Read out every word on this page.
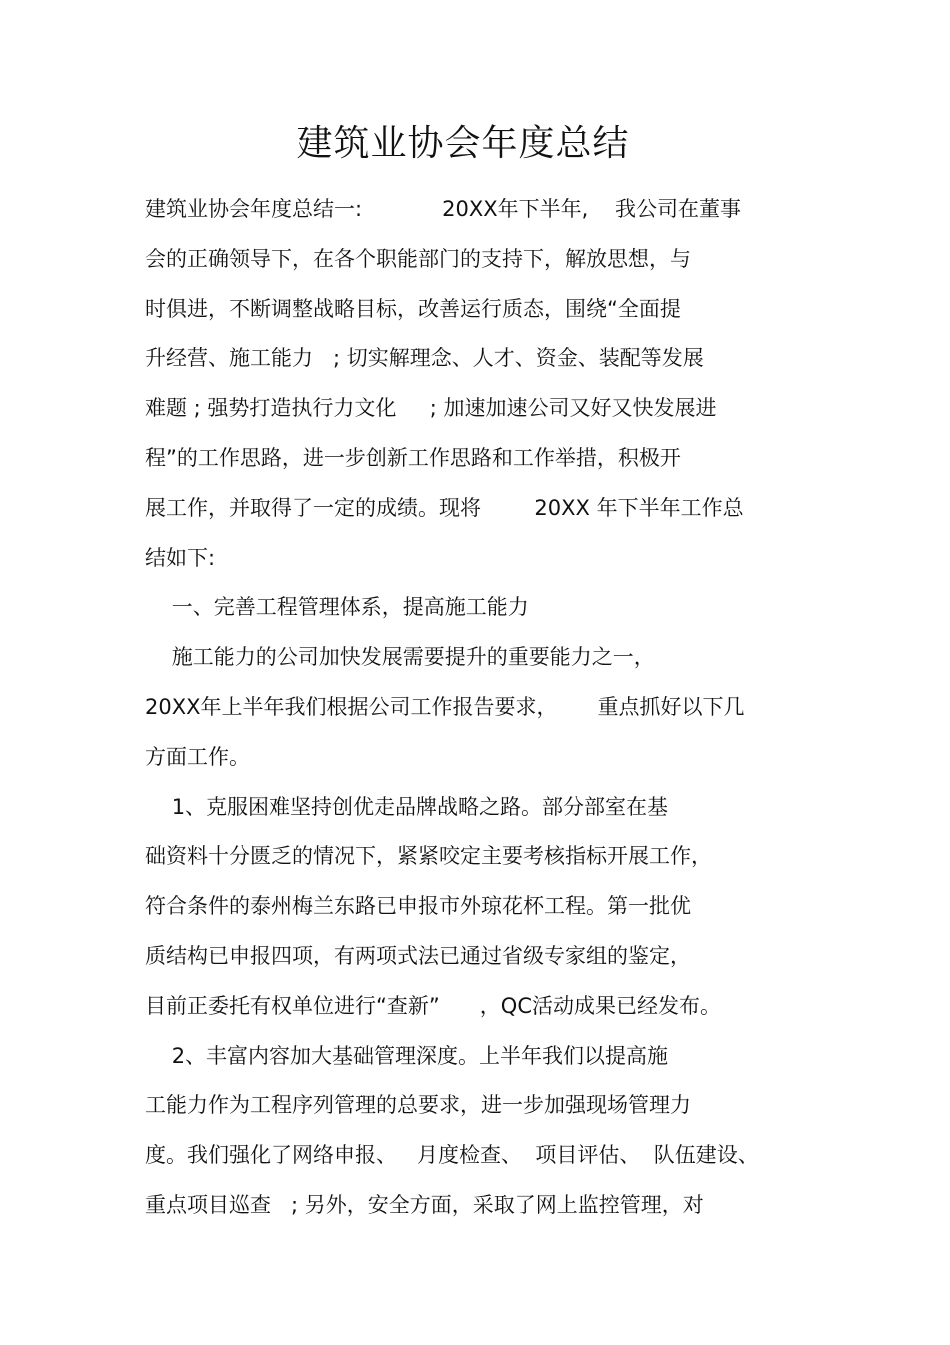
建筑业协会年度总结
建筑业协会年度总结一:            20XX年下半年,    我公司在董事
会的正确领导下，在各个职能部门的支持下，解放思想，与
时俱进，不断调整战略目标，改善运行质态，围绕“全面提
升经营、施工能力   ; 切实解理念、人才、资金、装配等发展
难题 ; 强势打造执行力文化     ; 加速加速公司又好又快发展进
程”的工作思路，进一步创新工作思路和工作举措，积极开
展工作，并取得了一定的成绩。现将        20XX 年下半年工作总
结如下:
一、完善工程管理体系，提高施工能力
施工能力的公司加快发展需要提升的重要能力之一，
20XX年上半年我们根据公司工作报告要求，      重点抓好以下几
方面工作。
1、克服困难坚持创优走品牌战略之路。部分部室在基
础资料十分匮乏的情况下，紧紧咬定主要考核指标开展工作，
符合条件的泰州梅兰东路已申报市外琼花杯工程。第一批优
质结构已申报四项，有两项式法已通过省级专家组的鉴定，
目前正委托有权单位进行“查新”      ，QC活动成果已经发布。
2、丰富内容加大基础管理深度。上半年我们以提高施
工能力作为工程序列管理的总要求，进一步加强现场管理力
度。我们强化了网络申报、   月度检查、  项目评估、  队伍建设、
重点项目巡查   ; 另外，安全方面，采取了网上监控管理，对
